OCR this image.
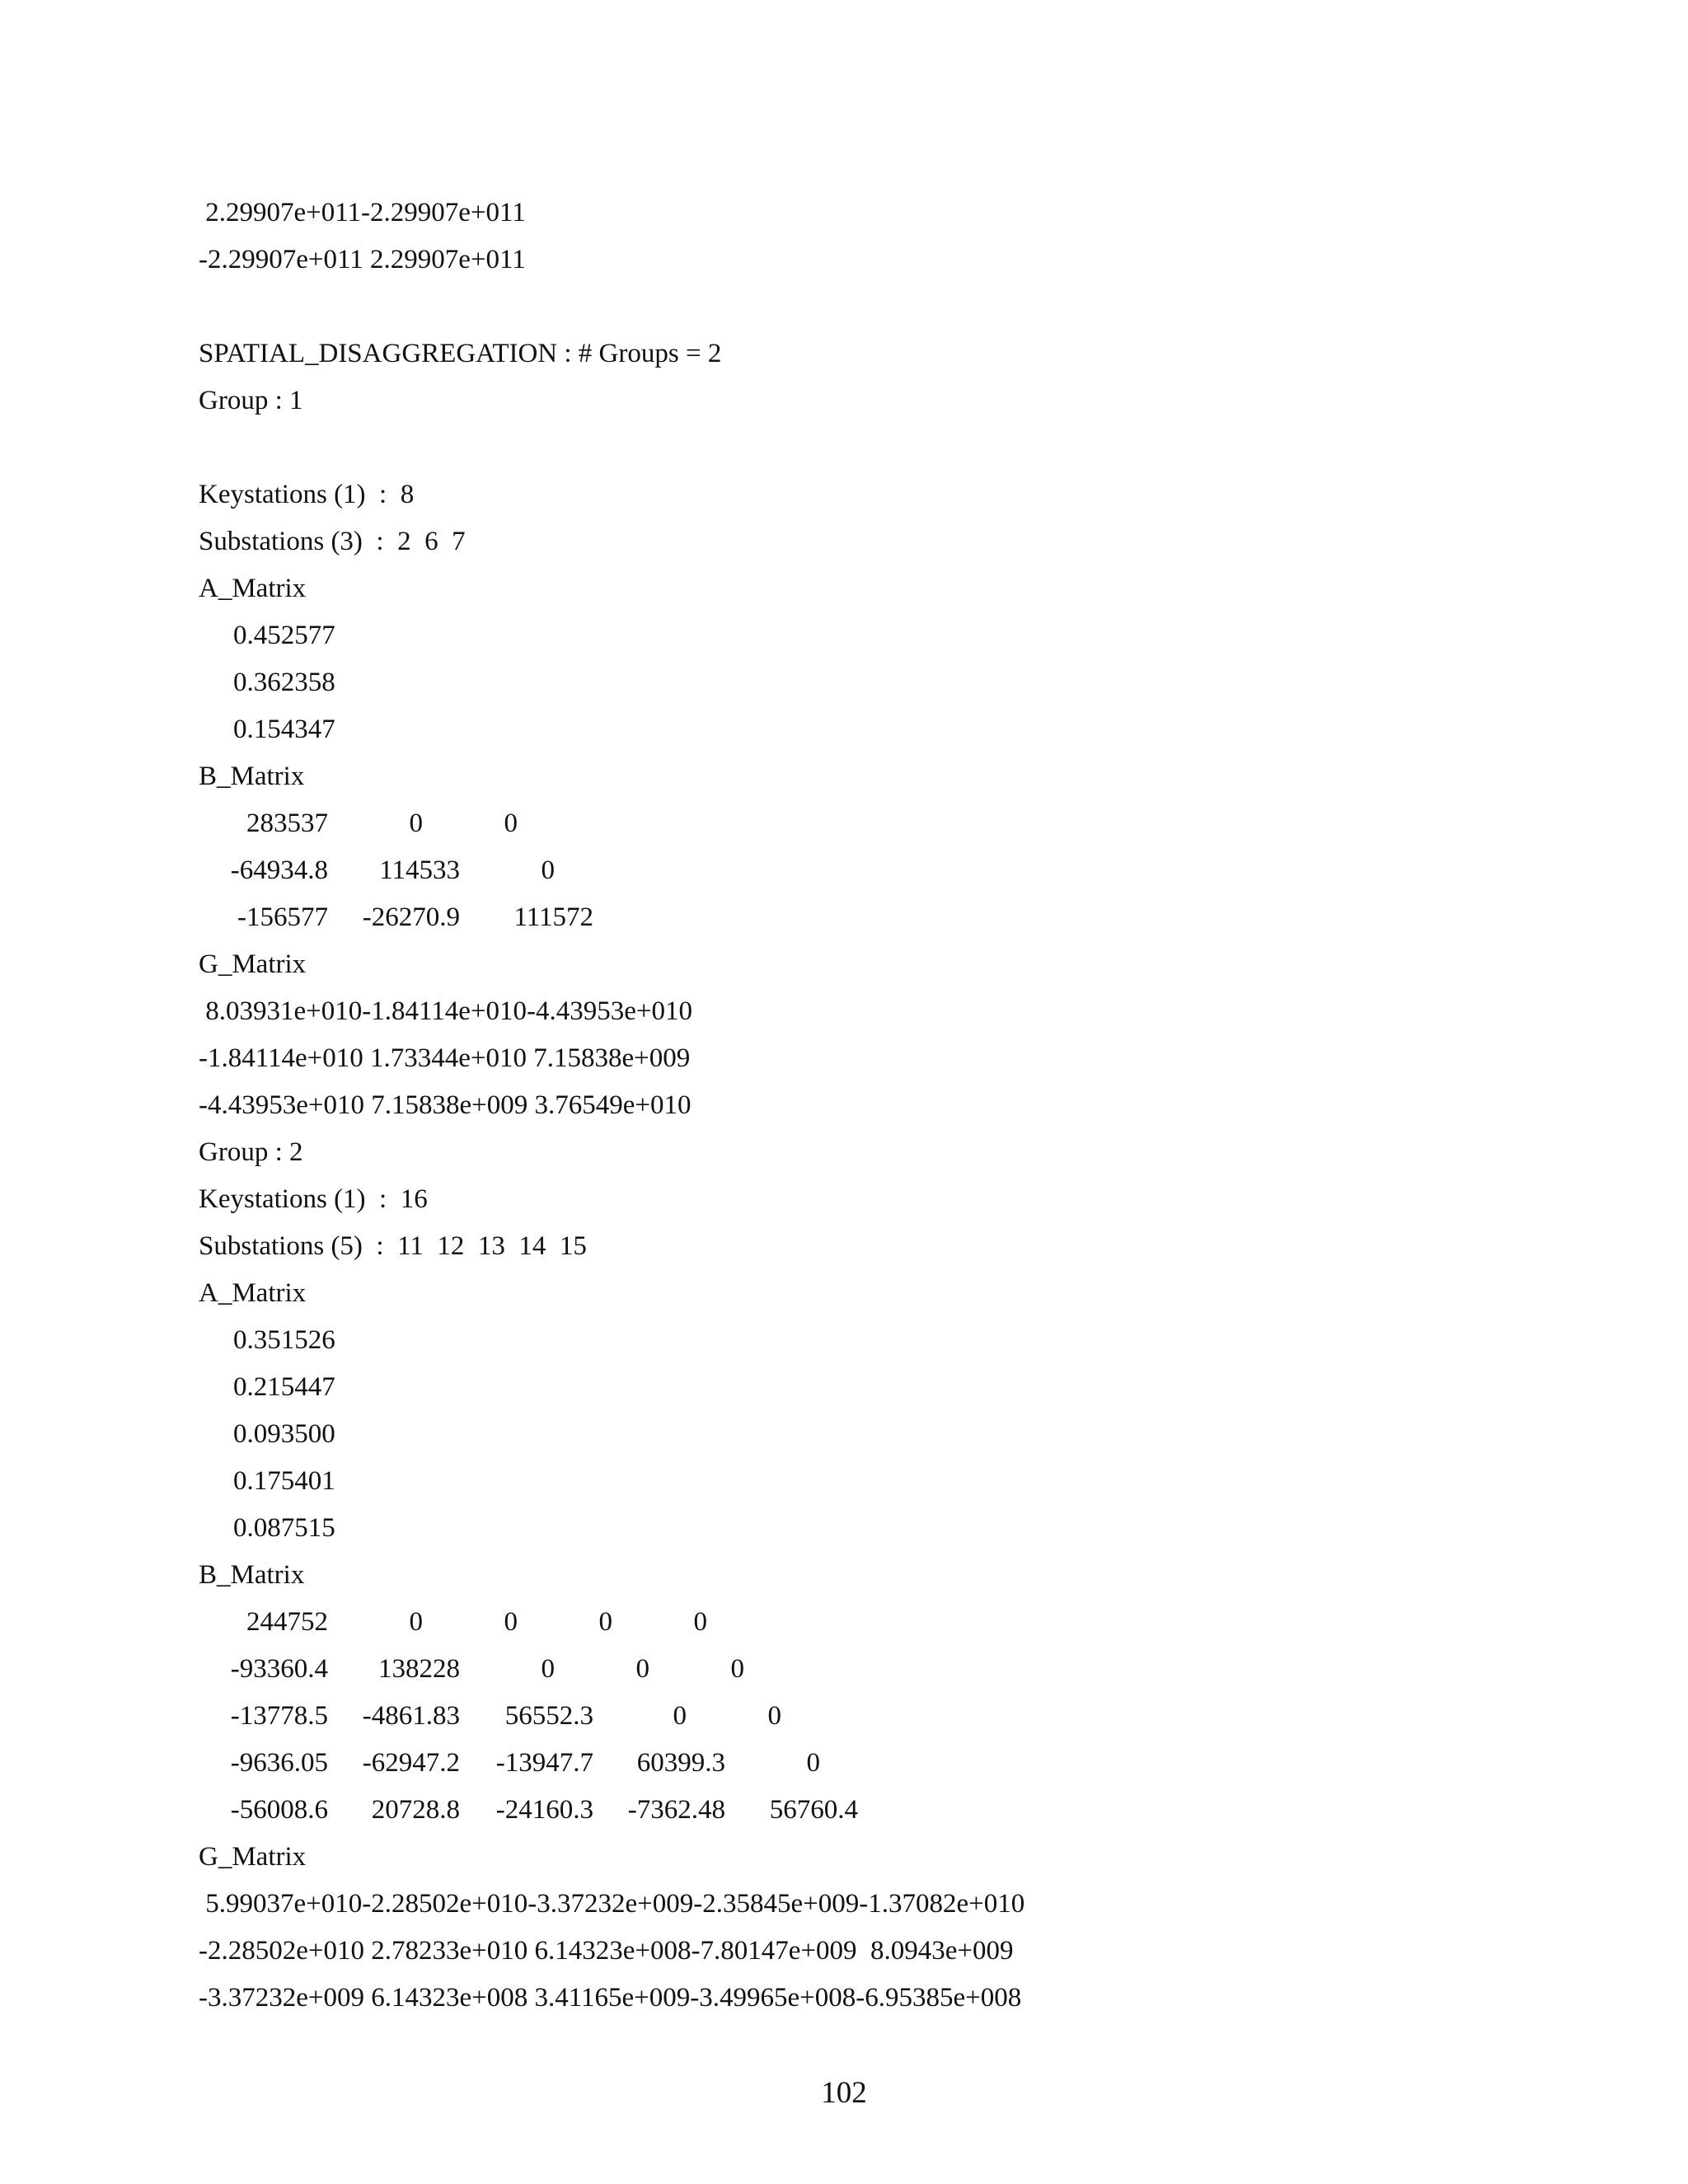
2.29907e+011-2.29907e+011
-2.29907e+011 2.29907e+011
SPATIAL_DISAGGREGATION : # Groups = 2
Group : 1
Keystations (1)  :  8
Substations (3)  :  2  6  7
A_Matrix
0.452577
0.362358
0.154347
B_Matrix
283537	0	0
-64934.8 114533	0
-156577 -26270.9 111572
G_Matrix
8.03931e+010-1.84114e+010-4.43953e+010
-1.84114e+010 1.73344e+010 7.15838e+009
-4.43953e+010 7.15838e+009 3.76549e+010
Group : 2
Keystations (1)  :  16
Substations (5)  :  11  12  13  14  15
A_Matrix
0.351526
0.215447
0.093500
0.175401
0.087515
B_Matrix
244752	0	0	0	0
-93360.4 138228	0	0	0
-13778.5 -4861.83 56552.3	0	0
-9636.05 -62947.2 -13947.7 60399.3	0
-56008.6 20728.8 -24160.3 -7362.48 56760.4
G_Matrix
5.99037e+010-2.28502e+010-3.37232e+009-2.35845e+009-1.37082e+010
-2.28502e+010 2.78233e+010 6.14323e+008-7.80147e+009  8.0943e+009
-3.37232e+009 6.14323e+008 3.41165e+009-3.49965e+008-6.95385e+008
102
